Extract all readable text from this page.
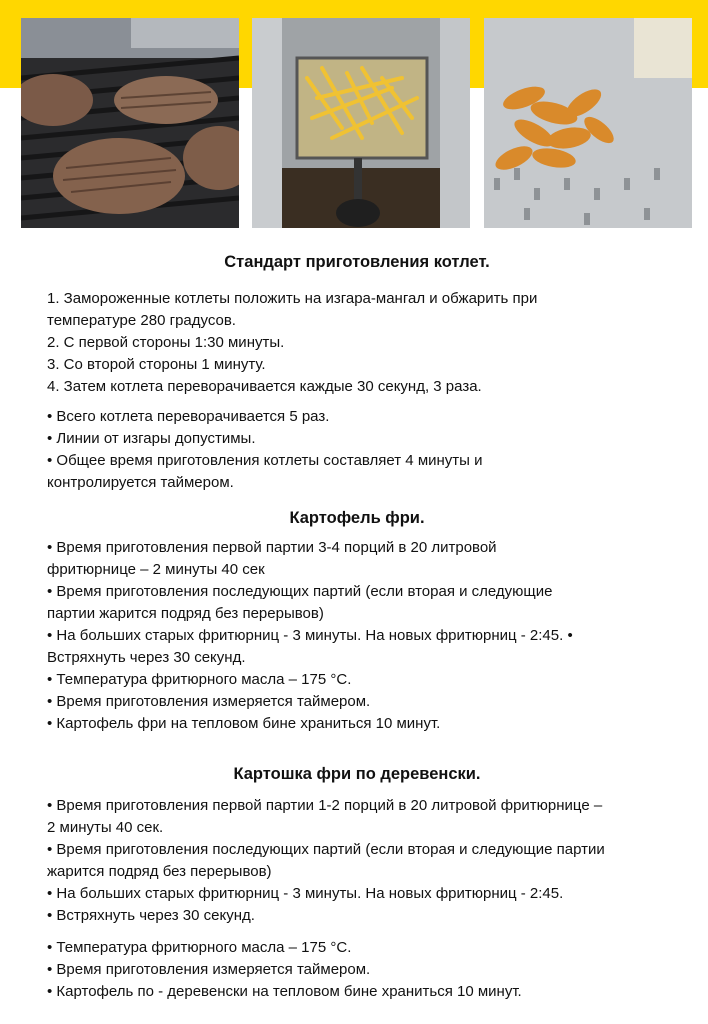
Стандарт приготовления котлет.
1. Замороженные котлеты положить на изгара-мангал и обжарить при
температуре 280 градусов.
2. С первой стороны 1:30 минуты.
3. Со второй стороны 1 минуту.
4. Затем котлета переворачивается каждые 30 секунд, 3 раза.
• Всего котлета переворачивается 5 раз.
• Линии от изгары допустимы.
• Общее время приготовления котлеты составляет 4 минуты и
контролируется таймером.
Картофель фри.
• Время приготовления первой партии 3-4 порций в 20 литровой
фритюрнице – 2 минуты 40 сек
• Время приготовления последующих партий (если вторая и следующие
партии жарится подряд без перерывов)
• На больших старых фритюрниц - 3 минуты. На новых фритюрниц - 2:45. •
Встряхнуть через 30 секунд.
• Температура фритюрного масла – 175 °С.
• Время приготовления измеряется таймером.
• Картофель фри на тепловом бине храниться 10 минут.
Картошка фри по деревенски.
• Время приготовления первой партии 1-2 порций в 20 литровой фритюрнице –
2 минуты 40 сек.
• Время приготовления последующих партий (если вторая и следующие партии
жарится подряд без перерывов)
• На больших старых фритюрниц - 3 минуты. На новых фритюрниц - 2:45.
• Встряхнуть через 30 секунд.
• Температура фритюрного масла – 175 °С.
• Время приготовления измеряется таймером.
• Картофель по - деревенски на тепловом бине храниться 10 минут.
